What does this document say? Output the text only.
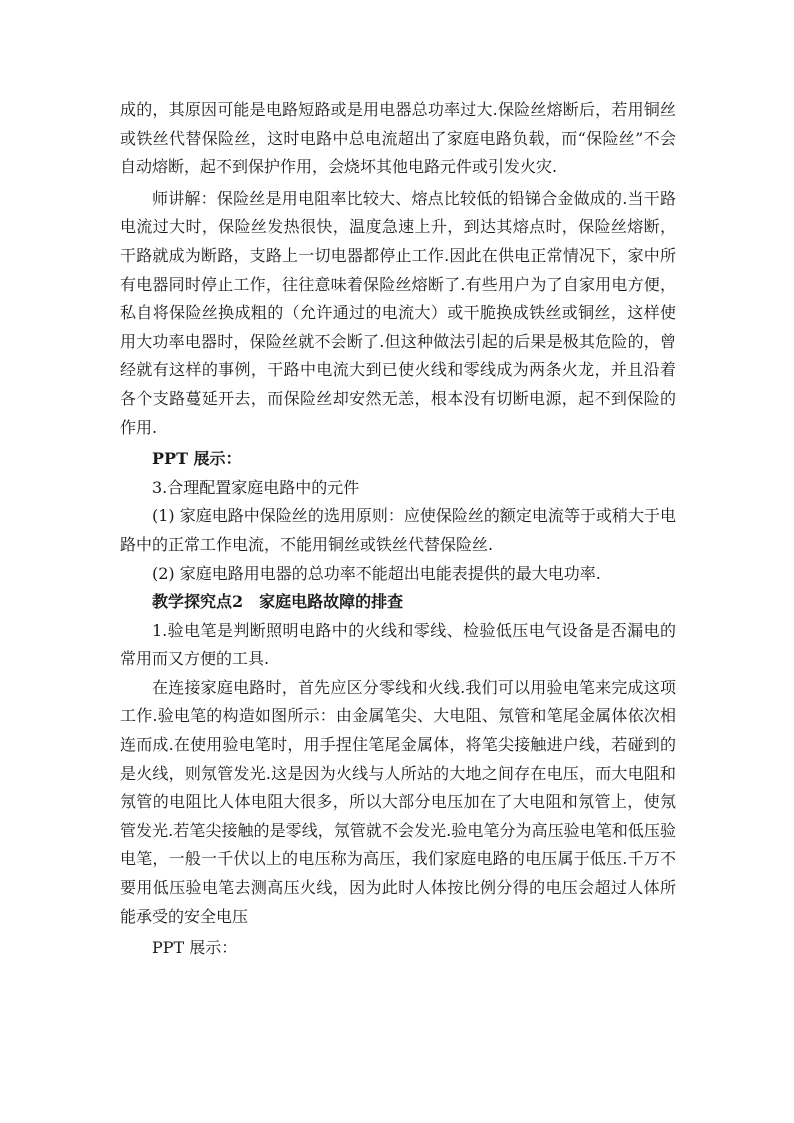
成的，其原因可能是电路短路或是用电器总功率过大.保险丝熔断后，若用铜丝或铁丝代替保险丝，这时电路中总电流超出了家庭电路负载，而“保险丝”不会自动熔断，起不到保护作用，会烧坏其他电路元件或引发火灾.

师讲解：保险丝是用电阻率比较大、熔点比较低的铅锑合金做成的.当干路电流过大时，保险丝发热很快，温度急速上升，到达其熔点时，保险丝熔断，干路就成为断路，支路上一切电器都停止工作.因此在供电正常情况下，家中所有电器同时停止工作，往往意味着保险丝熔断了.有些用户为了自家用电方便，私自将保险丝换成粗的（允许通过的电流大）或干脆换成铁丝或铜丝，这样使用大功率电器时，保险丝就不会断了.但这种做法引起的后果是极其危险的，曾经就有这样的事例，干路中电流大到已使火线和零线成为两条火龙，并且沿着各个支路蔓延开去，而保险丝却安然无恙，根本没有切断电源，起不到保险的作用.

PPT 展示：

3.合理配置家庭电路中的元件

(1) 家庭电路中保险丝的选用原则：应使保险丝的额定电流等于或稍大于电路中的正常工作电流，不能用铜丝或铁丝代替保险丝.

(2) 家庭电路用电器的总功率不能超出电能表提供的最大电功率.

教学探究点2　家庭电路故障的排查

1.验电笔是判断照明电路中的火线和零线、检验低压电气设备是否漏电的常用而又方便的工具.

在连接家庭电路时，首先应区分零线和火线.我们可以用验电笔来完成这项工作.验电笔的构造如图所示：由金属笔尖、大电阻、氖管和笔尾金属体依次相连而成.在使用验电笔时，用手捏住笔尾金属体，将笔尖接触进户线，若碰到的是火线，则氖管发光.这是因为火线与人所站的大地之间存在电压，而大电阻和氖管的电阻比人体电阻大很多，所以大部分电压加在了大电阻和氖管上，使氖管发光.若笔尖接触的是零线，氖管就不会发光.验电笔分为高压验电笔和低压验电笔，一般一千伏以上的电压称为高压，我们家庭电路的电压属于低压.千万不要用低压验电笔去测高压火线，因为此时人体按比例分得的电压会超过人体所能承受的安全电压

PPT 展示：
